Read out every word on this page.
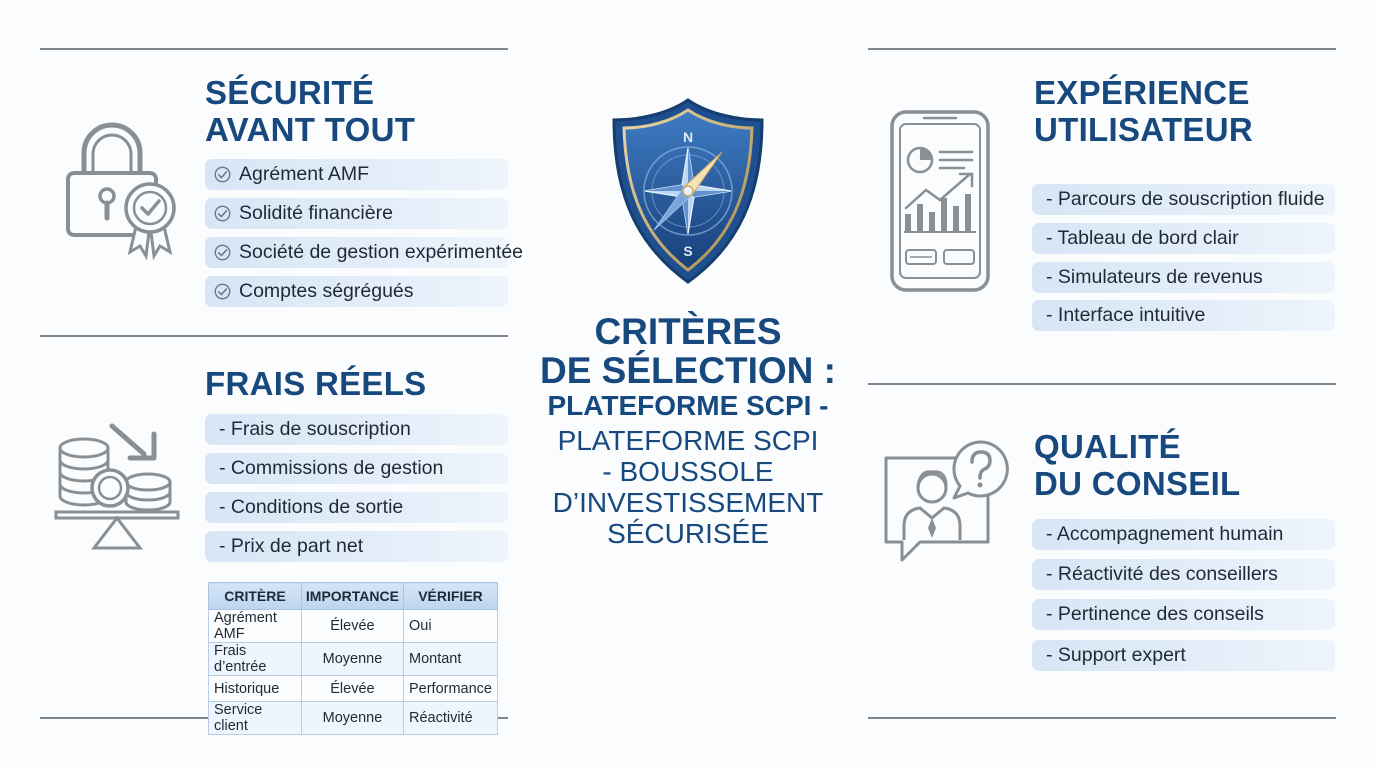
SÉCURITÉ
AVANT TOUT
Agrément AMF
Solidité financière
Société de gestion expérimentée
Comptes ségrégués
FRAIS RÉELS
- Frais de souscription
- Commissions de gestion
- Conditions de sortie
- Prix de part net
CRITÈRE	IMPORTANCE	VÉRIFIER
Agrément AMF	Élevée	Oui
Frais d’entrée	Moyenne	Montant
Historique	Élevée	Performance
Service client	Moyenne	Réactivité
N
S
CRITÈRES
DE SÉLECTION :
PLATEFORME SCPI -
PLATEFORME SCPI
- BOUSSOLE
D’INVESTISSEMENT
SÉCURISÉE
EXPÉRIENCE
UTILISATEUR
- Parcours de souscription fluide
- Tableau de bord clair
- Simulateurs de revenus
- Interface intuitive
QUALITÉ
DU CONSEIL
- Accompagnement humain
- Réactivité des conseillers
- Pertinence des conseils
- Support expert
